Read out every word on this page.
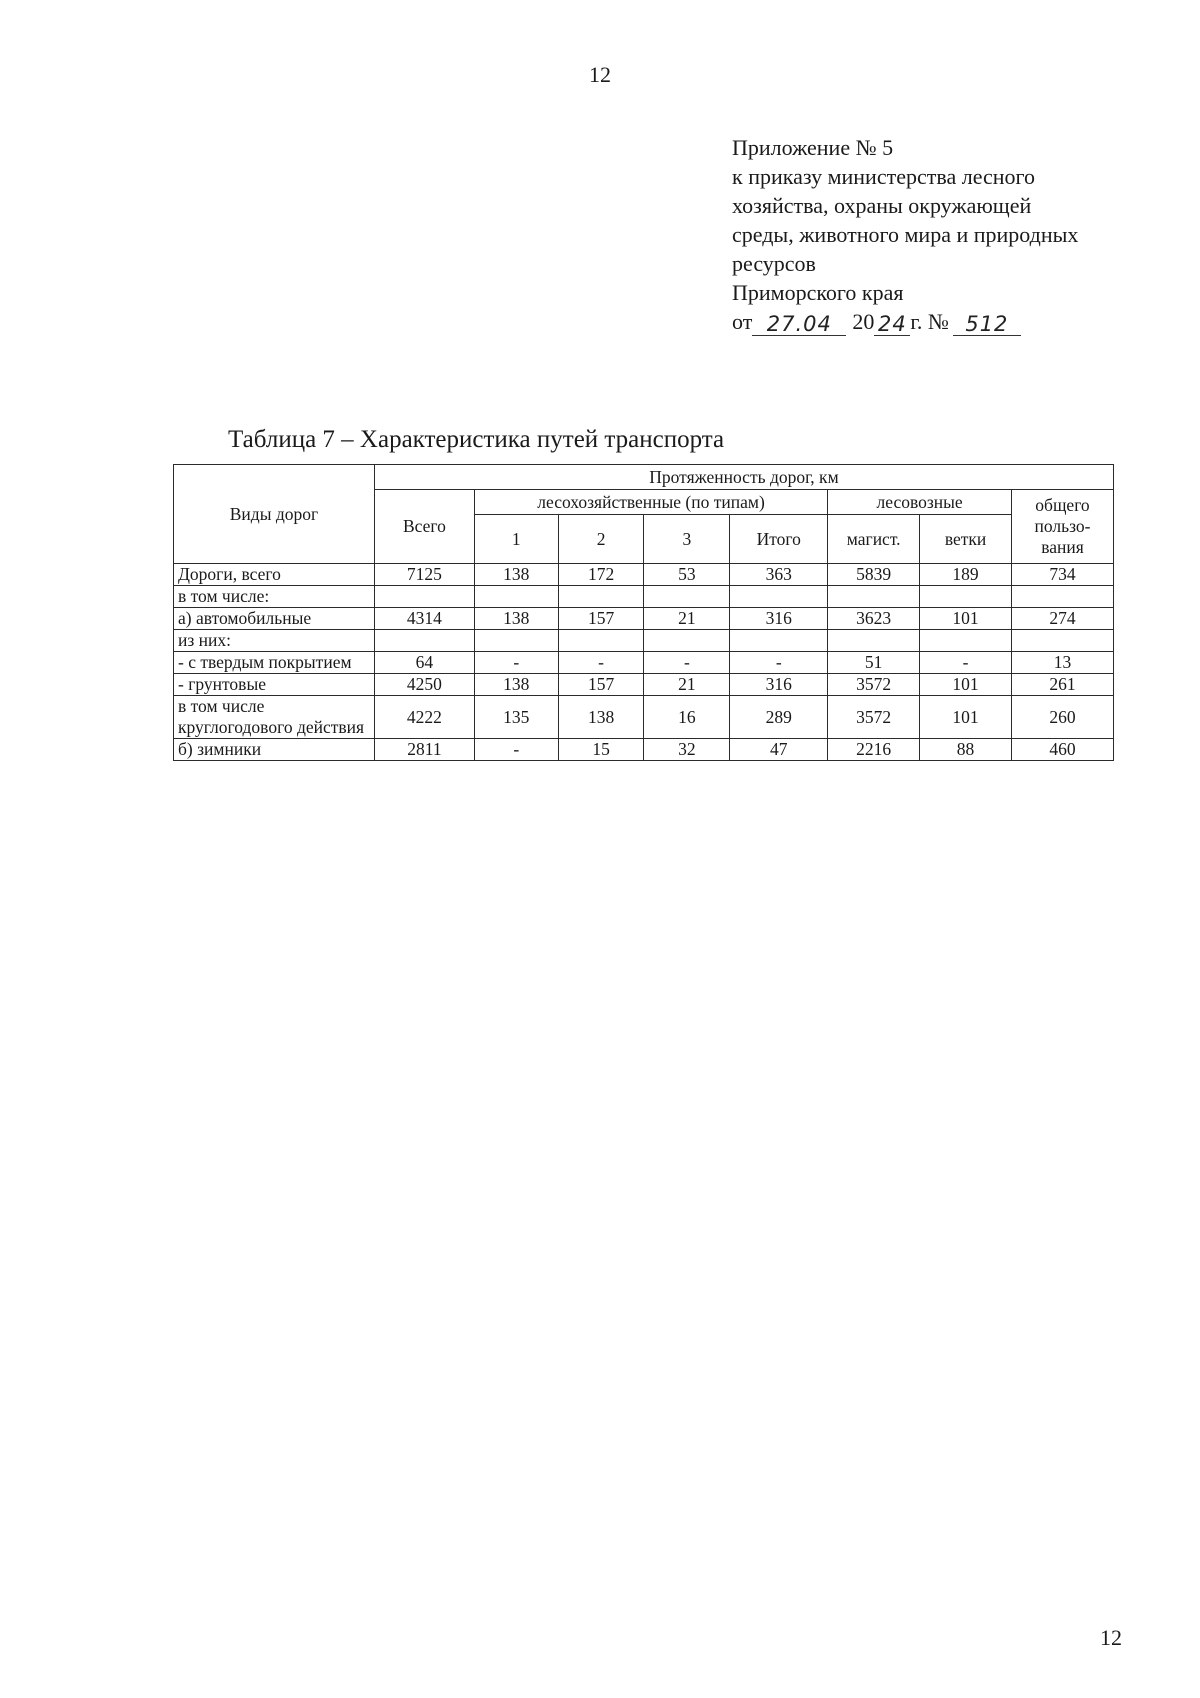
12
Приложение № 5
к приказу министерства лесного
хозяйства, охраны окружающей
среды, животного мира и природных
ресурсов
Приморского края
от 27.04 20 24 г. № 512
Таблица 7 – Характеристика путей транспорта
Виды дорог	Протяженность дорог, км							
	Всего	лесохозяйственные (по типам)				лесовозные		общего пользо-вания
		1	2	3	Итого	магист.	ветки	
Дороги, всего	7125	138	172	53	363	5839	189	734
в том числе:								
а) автомобильные	4314	138	157	21	316	3623	101	274
из них:								
- с твердым покрытием	64	-	-	-	-	51	-	13
- грунтовые	4250	138	157	21	316	3572	101	261
в том числе круглогодового действия	4222	135	138	16	289	3572	101	260
б) зимники	2811	-	15	32	47	2216	88	460
12
